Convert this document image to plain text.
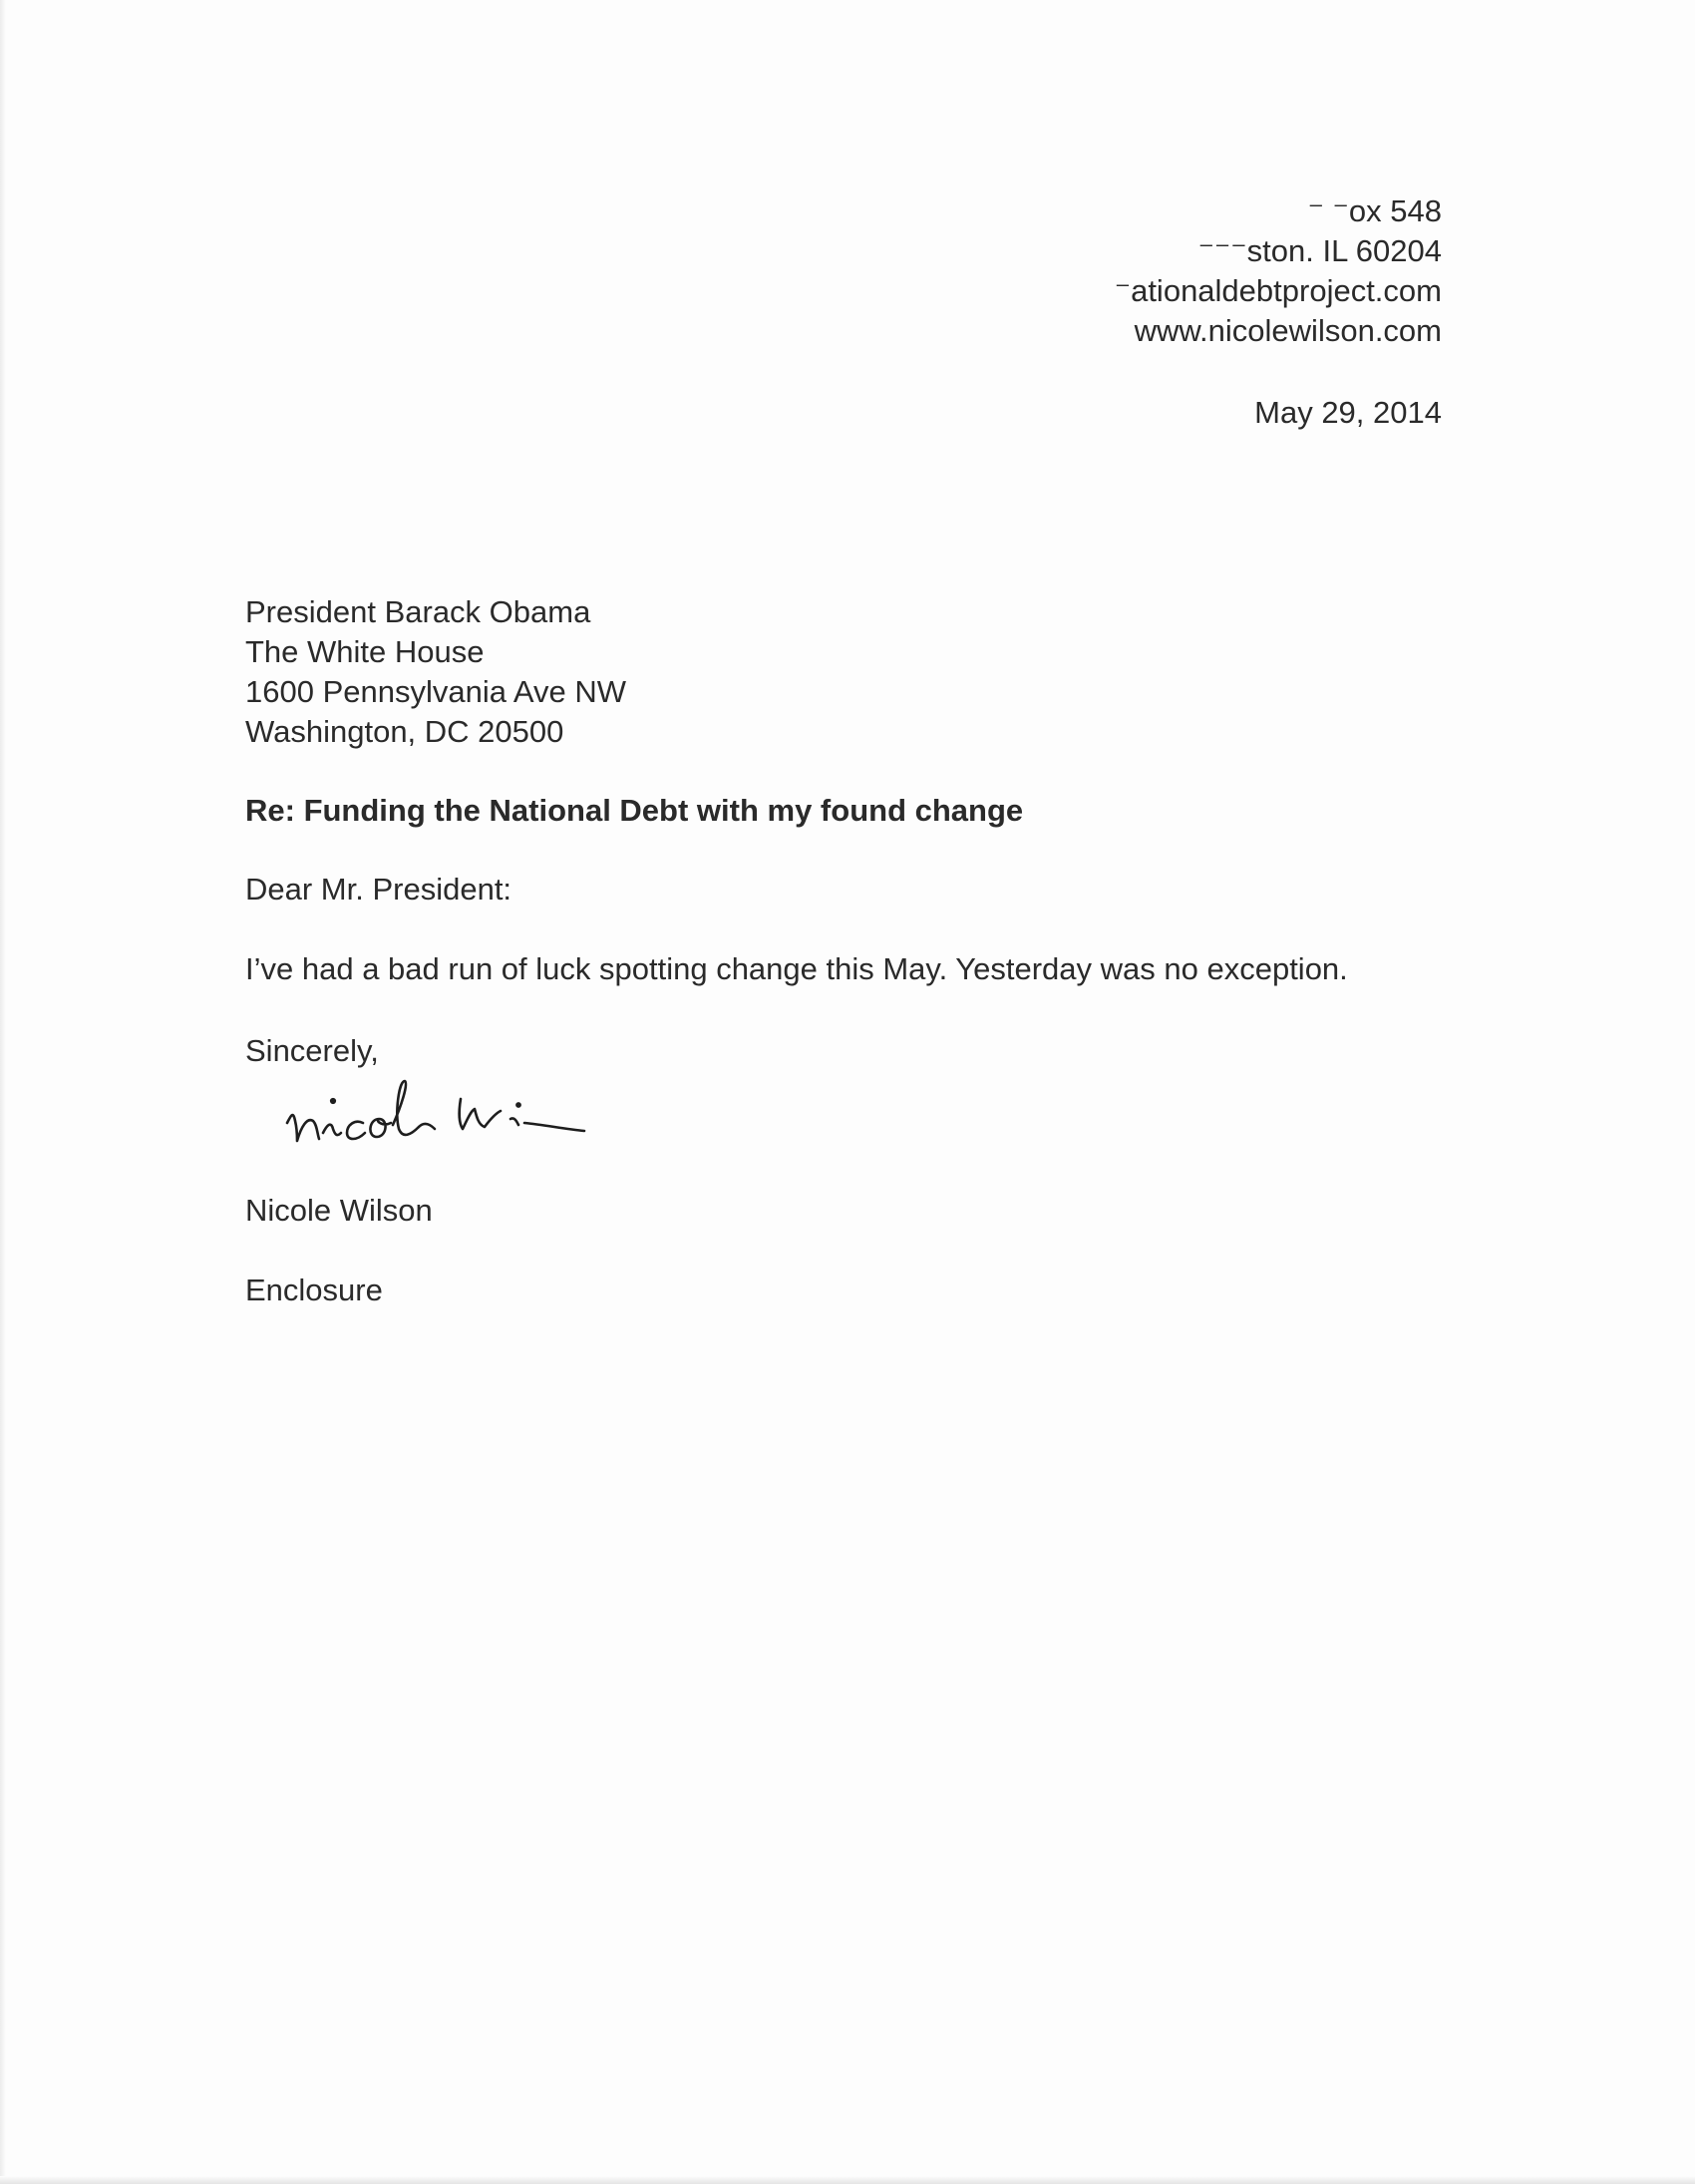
⁻ ⁻ox 548
⁻⁻⁻ston. IL 60204
⁻ationaldebtproject.com
www.nicolewilson.com
May 29, 2014
President Barack Obama
The White House
1600 Pennsylvania Ave NW
Washington, DC 20500
Re: Funding the National Debt with my found change
Dear Mr. President:
I’ve had a bad run of luck spotting change this May. Yesterday was no exception.
Sincerely,
nicole wi
Nicole Wilson
Enclosure
